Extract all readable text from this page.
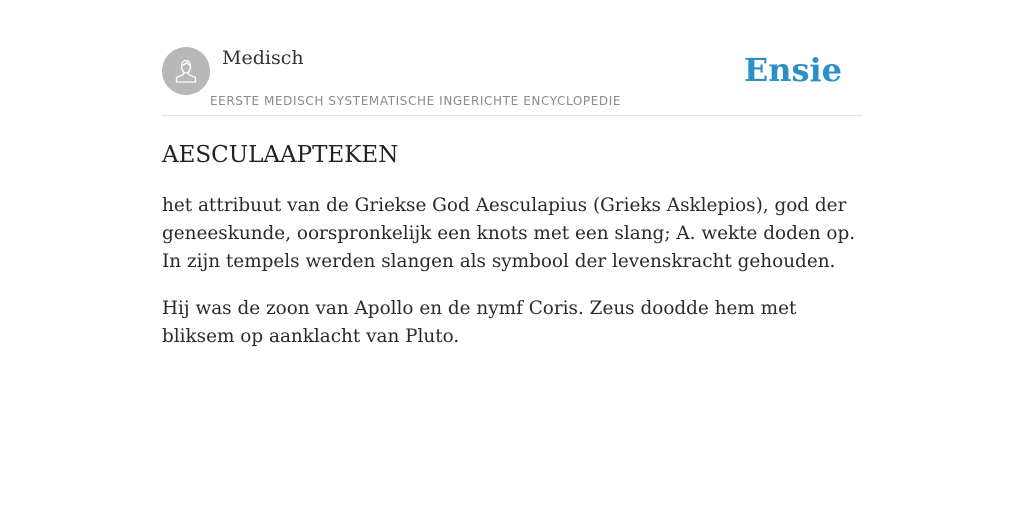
Medisch
EERSTE MEDISCH SYSTEMATISCHE INGERICHTE ENCYCLOPEDIE
Ensie
AESCULAAPTEKEN

het attribuut van de Griekse God Aesculapius (Grieks Asklepios), god der geneeskunde, oorspronkelijk een knots met een slang; A. wekte doden op. In zijn tempels werden slangen als symbool der levenskracht gehouden.

Hij was de zoon van Apollo en de nymf Coris. Zeus doodde hem met bliksem op aanklacht van Pluto.
